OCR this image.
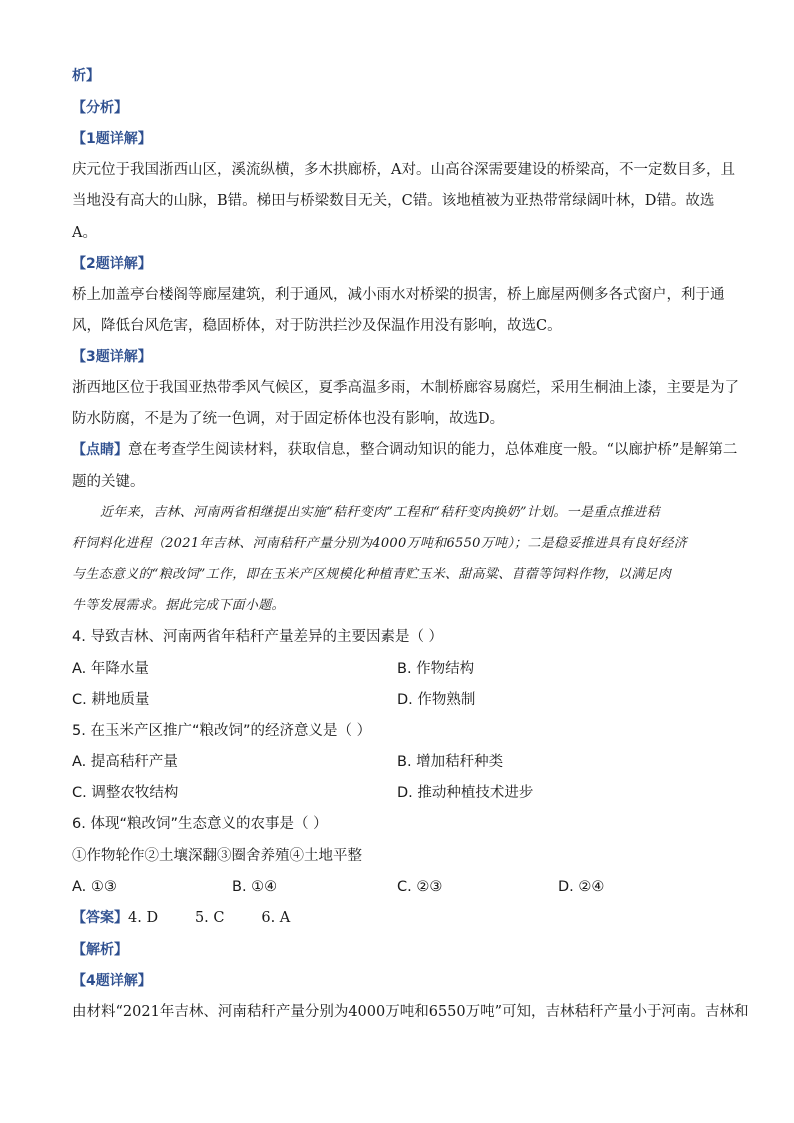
析】
【分析】
【1题详解】
庆元位于我国浙西山区，溪流纵横，多木拱廊桥，A对。山高谷深需要建设的桥梁高，不一定数目多，且
当地没有高大的山脉，B错。梯田与桥梁数目无关，C错。该地植被为亚热带常绿阔叶林，D错。故选
A。
【2题详解】
桥上加盖亭台楼阁等廊屋建筑，利于通风，减小雨水对桥梁的损害，桥上廊屋两侧多各式窗户，利于通
风，降低台风危害，稳固桥体，对于防洪拦沙及保温作用没有影响，故选C。
【3题详解】
浙西地区位于我国亚热带季风气候区，夏季高温多雨，木制桥廊容易腐烂，采用生桐油上漆，主要是为了
防水防腐，不是为了统一色调，对于固定桥体也没有影响，故选D。
【点睛】意在考查学生阅读材料，获取信息，整合调动知识的能力，总体难度一般。“以廊护桥”是解第二
题的关键。
近年来，吉林、河南两省相继提出实施“秸秆变肉”工程和“秸秆变肉换奶”计划。一是重点推进秸
秆饲料化进程（2021年吉林、河南秸秆产量分别为4000万吨和6550万吨）；二是稳妥推进具有良好经济
与生态意义的“粮改饲”工作，即在玉米产区规模化种植青贮玉米、甜高粱、苜蓿等饲料作物，以满足肉
牛等发展需求。据此完成下面小题。
4. 导致吉林、河南两省年秸秆产量差异的主要因素是（ ）
A. 年降水量	B. 作物结构
C. 耕地质量	D. 作物熟制
5. 在玉米产区推广“粮改饲”的经济意义是（ ）
A. 提高秸秆产量	B. 增加秸秆种类
C. 调整农牧结构	D. 推动种植技术进步
6. 体现“粮改饲”生态意义的农事是（ ）
①作物轮作②土壤深翻③圈舍养殖④土地平整
A. ①③	B. ①④	C. ②③	D. ②④
【答案】4. D        5. C        6. A
【解析】
【4题详解】
由材料“2021年吉林、河南秸秆产量分别为4000万吨和6550万吨”可知，吉林秸秆产量小于河南。吉林和
